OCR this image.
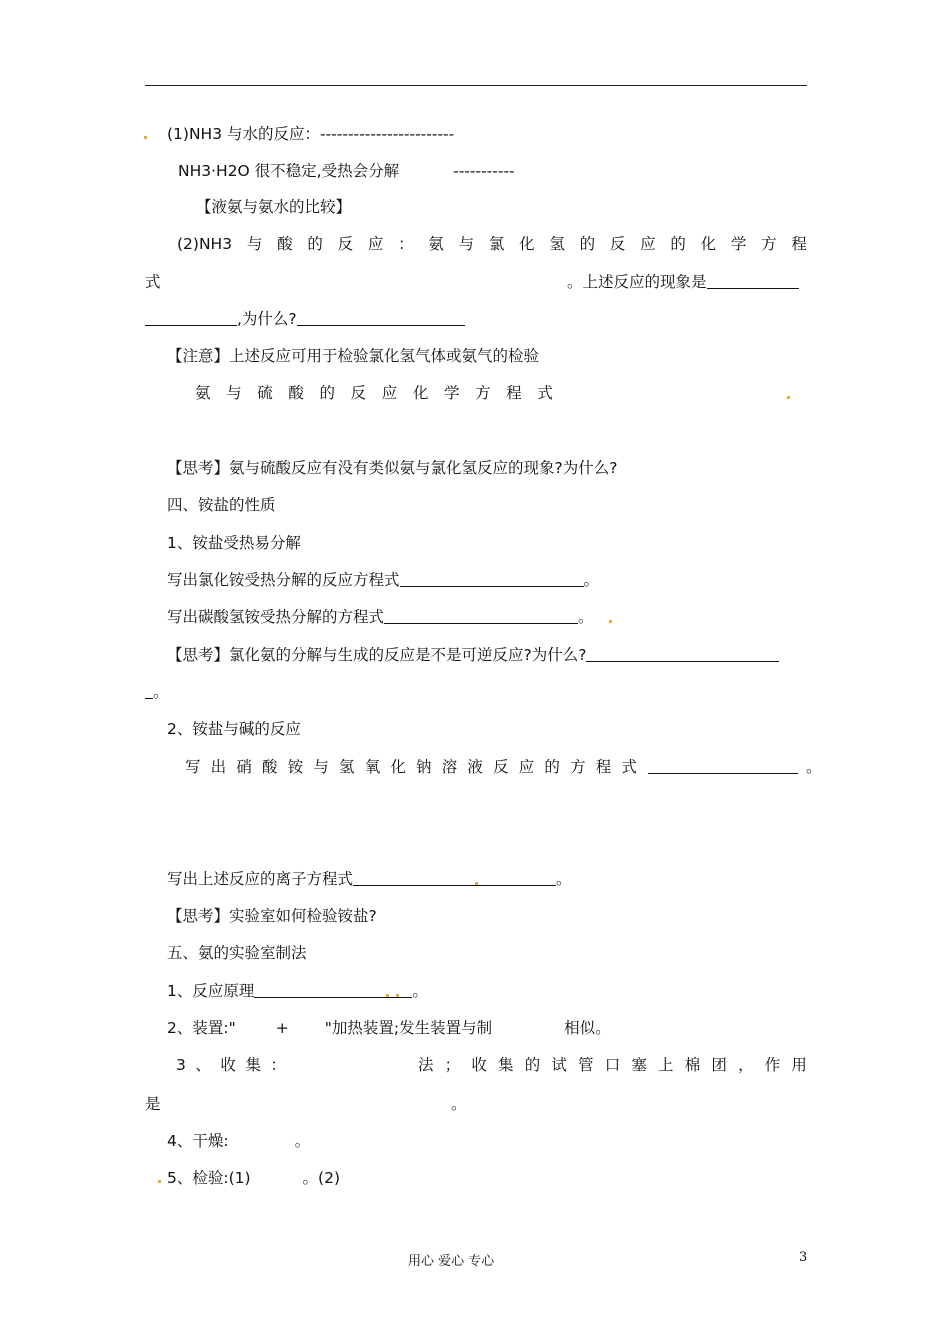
(1)NH3 与水的反应：------------------------
NH3·H2O 很不稳定,受热会分解	-----------
【液氨与氨水的比较】
(2)NH3 与 酸 的 反 应 ： 氨 与 氯 化 氢 的 反 应 的 化 学 方 程
式	。上述反应的现象是
,为什么?
【注意】上述反应可用于检验氯化氢气体或氨气的检验
氨 与 硫 酸 的 反 应 化 学 方 程 式
【思考】氨与硫酸反应有没有类似氨与氯化氢反应的现象?为什么?
四、铵盐的性质
1、铵盐受热易分解
写出氯化铵受热分解的反应方程式	。
写出碳酸氢铵受热分解的方程式	。
【思考】氯化氨的分解与生成的反应是不是可逆反应?为什么?
。
2、铵盐与碱的反应
写 出 硝 酸 铵 与 氢 氧 化 钠 溶 液 反 应 的 方 程 式	。
写出上述反应的离子方程式	。
【思考】实验室如何检验铵盐?
五、氨的实验室制法
1、反应原理	。
2、装置:"	+ "加热装置;发生装置与制	相似。
3 、 收 集 ：	法 ； 收 集 的 试 管 口 塞 上 棉 团 ， 作 用
是	。
4、干燥:	。
5、检验:(1)	。(2)
用心 爱心 专心	3
